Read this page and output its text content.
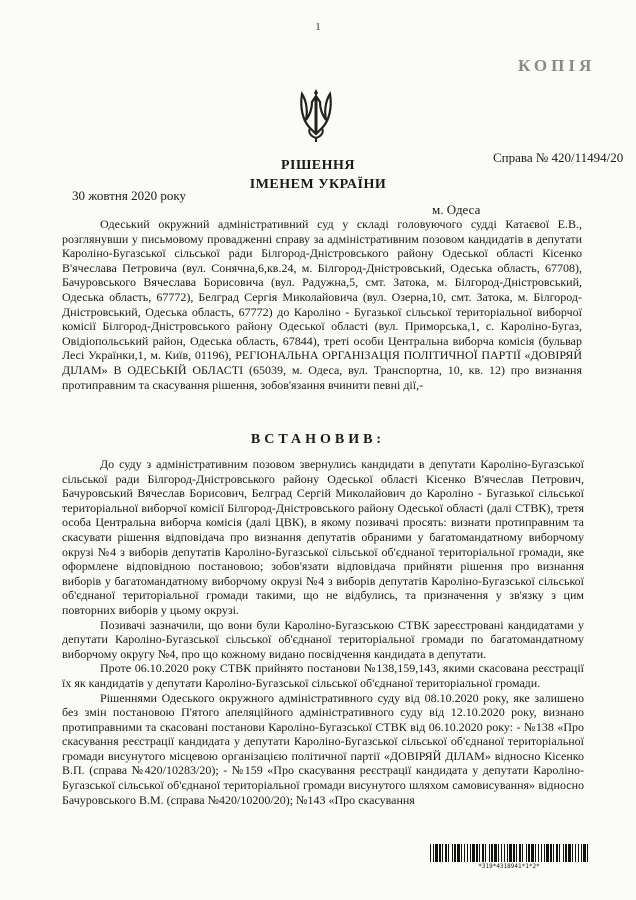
1
КОПІЯ
Справа № 420/11494/20
РІШЕННЯ
ІМЕНЕМ УКРАЇНИ
30 жовтня 2020 року
м. Одеса

Одеський окружний адміністративний суд у складі головуючого судді Катаєвої Е.В., розглянувши у письмовому провадженні справу за адміністративним позовом кандидатів в депутати Кароліно-Бугазської сільської ради Білгород-Дністровського району Одеської області Кісенко В'ячеслава Петровича (вул. Сонячна,6,кв.24, м. Білгород-Дністровський, Одеська область, 67708), Бачуровського Вячеслава Борисовича (вул. Радужна,5, смт. Затока, м. Білгород-Дністровський, Одеська область, 67772), Белград Сергія Миколайовича (вул. Озерна,10, смт. Затока, м. Білгород-Дністровський, Одеська область, 67772) до Кароліно - Бугазької сільської територіальної виборчої комісії Білгород-Дністровського району Одеської області (вул. Приморська,1, с. Кароліно-Бугаз, Овідіопольський район, Одеська область, 67844), треті особи Центральна виборча комісія (бульвар Лесі Українки,1, м. Київ, 01196), РЕГІОНАЛЬНА ОРГАНІЗАЦІЯ ПОЛІТИЧНОЇ ПАРТІЇ «ДОВІРЯЙ ДІЛАМ» В ОДЕСЬКІЙ ОБЛАСТІ (65039, м. Одеса, вул. Транспортна, 10, кв. 12) про визнання протиправним та скасування рішення, зобов'язання вчинити певні дії,-

ВСТАНОВИВ:

До суду з адміністративним позовом звернулись кандидати в депутати Кароліно-Бугазської сільської ради Білгород-Дністровського району Одеської області Кісенко В'ячеслав Петрович, Бачуровський Вячеслав Борисович, Белград Сергій Миколайович до Кароліно - Бугазької сільської територіальної виборчої комісії Білгород-Дністровського району Одеської області (далі СТВК), третя особа Центральна виборча комісія (далі ЦВК), в якому позивачі просять: визнати протиправним та скасувати рішення відповідача про визнання депутатів обраними у багатомандатному виборчому окрузі №4 з виборів депутатів Кароліно-Бугазської сільської об'єднаної територіальної громади, яке оформлене відповідною постановою; зобов'язати відповідача прийняти рішення про визнання виборів у багатомандатному виборчому окрузі №4 з виборів депутатів Кароліно-Бугазської сільської об'єднаної територіальної громади такими, що не відбулись, та призначення у зв'язку з цим повторних виборів у цьому окрузі.

Позивачі зазначили, що вони були Кароліно-Бугазською СТВК зареєстровані кандидатами у депутати Кароліно-Бугазської сільської об'єднаної територіальної громади по багатомандатному виборчому округу №4, про що кожному видано посвідчення кандидата в депутати.

Проте 06.10.2020 року СТВК прийнято постанови №138,159,143, якими скасована реєстрації їх як кандидатів у депутати Кароліно-Бугазської сільської об'єднаної територіальної громади.

Рішеннями Одеського окружного адміністративного суду від 08.10.2020 року, яке залишено без змін постановою П'ятого апеляційного адміністративного суду від 12.10.2020 року, визнано протиправними та скасовані постанови Кароліно-Бугазської СТВК від 06.10.2020 року: - №138 «Про скасування реєстрації кандидата у депутати Кароліно-Бугазської сільської об'єднаної територіальної громади висунутого місцевою організацією політичної партії «ДОВІРЯЙ ДІЛАМ» відносно Кісенко В.П. (справа №420/10283/20); - №159 «Про скасування реєстрації кандидата у депутати Кароліно-Бугазської сільської об'єднаної територіальної громади висунутого шляхом самовисування» відносно Бачуровського В.М. (справа №420/10200/20); №143 «Про скасування

*319*4318941*1*2*
